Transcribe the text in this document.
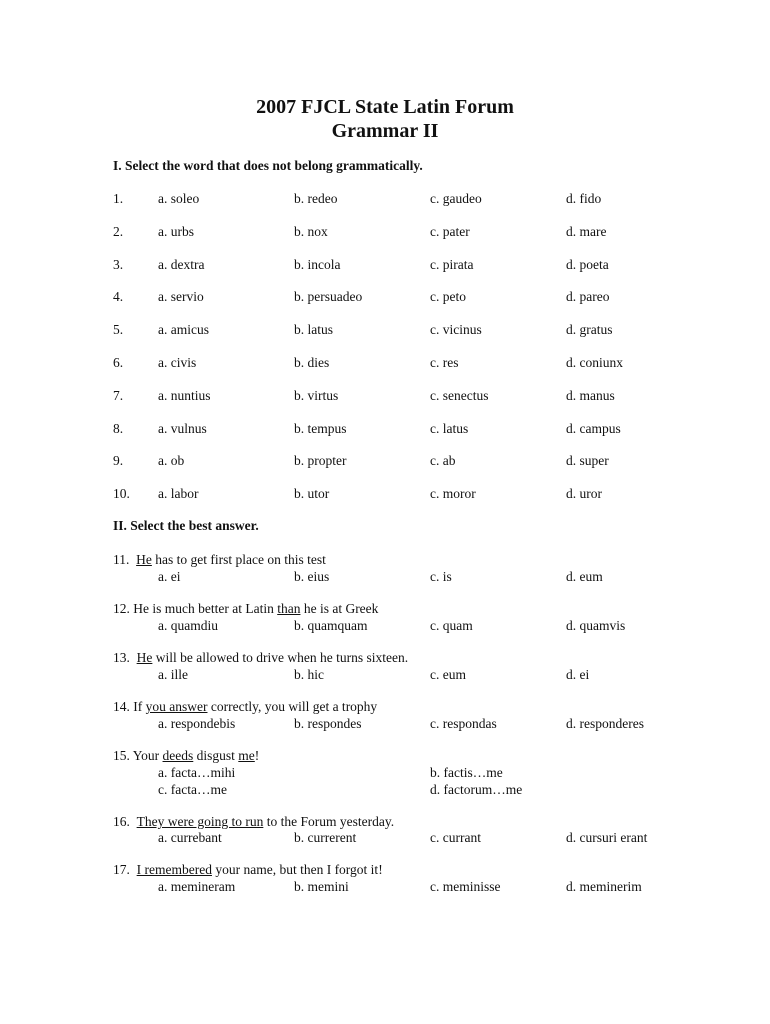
2007 FJCL State Latin Forum
Grammar II
I. Select the word that does not belong grammatically.
1.	a. soleo	b. redeo	c. gaudeo	d. fido
2.	a. urbs	b. nox	c. pater	d. mare
3.	a. dextra	b. incola	c. pirata	d. poeta
4.	a. servio	b. persuadeo	c. peto	d. pareo
5.	a. amicus	b. latus	c. vicinus	d. gratus
6.	a. civis	b. dies	c. res	d. coniunx
7.	a. nuntius	b. virtus	c. senectus	d. manus
8.	a. vulnus	b. tempus	c. latus	d. campus
9.	a. ob	b. propter	c. ab	d. super
10. a. labor	b. utor	c. moror	d. uror
II. Select the best answer.
11. He has to get first place on this test
a. ei	b. eius	c. is	d. eum
12. He is much better at Latin than he is at Greek
a. quamdiu	b. quamquam	c. quam	d. quamvis
13. He will be allowed to drive when he turns sixteen.
a. ille	b. hic	c. eum	d. ei
14. If you answer correctly, you will get a trophy
a. respondebis	b. respondes	c. respondas	d. responderes
15. Your deeds disgust me!
a. facta…mihi	b. factis…me
c. facta…me	d. factorum…me
16. They were going to run to the Forum yesterday.
a. currebant	b. currerent	c. currant	d. cursuri erant
17. I remembered your name, but then I forgot it!
a. memineram	b. memini	c. meminisse	d. meminerim
